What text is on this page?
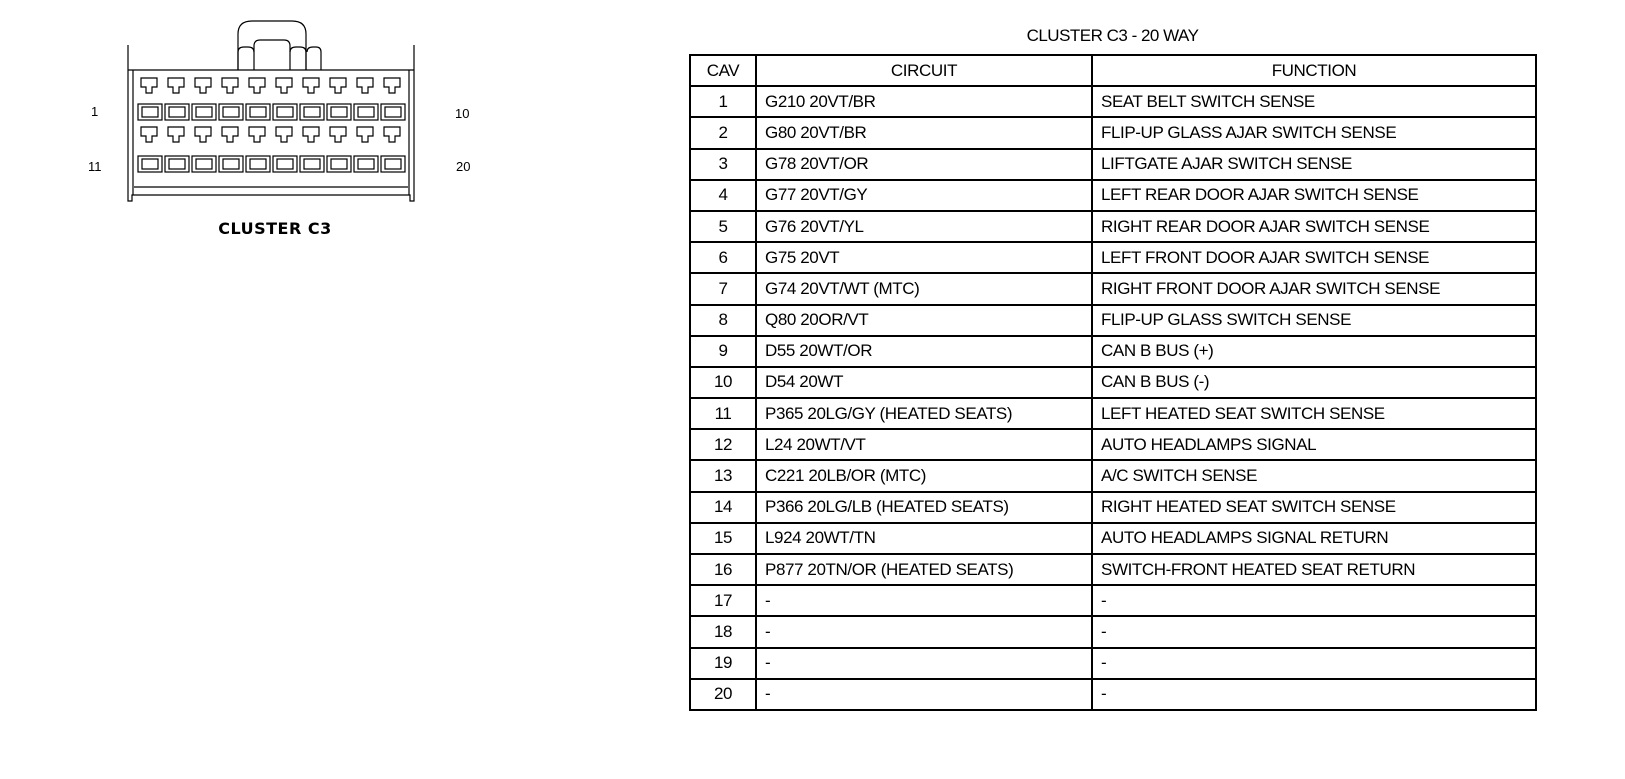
1	10
11	20
CLUSTER C3
CLUSTER C3 - 20 WAY
CAV	CIRCUIT	FUNCTION
1	G210 20VT/BR	SEAT BELT SWITCH SENSE
2	G80 20VT/BR	FLIP-UP GLASS AJAR SWITCH SENSE
3	G78 20VT/OR	LIFTGATE AJAR SWITCH SENSE
4	G77 20VT/GY	LEFT REAR DOOR AJAR SWITCH SENSE
5	G76 20VT/YL	RIGHT REAR DOOR AJAR SWITCH SENSE
6	G75 20VT	LEFT FRONT DOOR AJAR SWITCH SENSE
7	G74 20VT/WT (MTC)	RIGHT FRONT DOOR AJAR SWITCH SENSE
8	Q80 20OR/VT	FLIP-UP GLASS SWITCH SENSE
9	D55 20WT/OR	CAN B BUS (+)
10	D54 20WT	CAN B BUS (-)
11	P365 20LG/GY (HEATED SEATS)	LEFT HEATED SEAT SWITCH SENSE
12	L24 20WT/VT	AUTO HEADLAMPS SIGNAL
13	C221 20LB/OR (MTC)	A/C SWITCH SENSE
14	P366 20LG/LB (HEATED SEATS)	RIGHT HEATED SEAT SWITCH SENSE
15	L924 20WT/TN	AUTO HEADLAMPS SIGNAL RETURN
16	P877 20TN/OR (HEATED SEATS)	SWITCH-FRONT HEATED SEAT RETURN
17	-	-
18	-	-
19	-	-
20	-	-
